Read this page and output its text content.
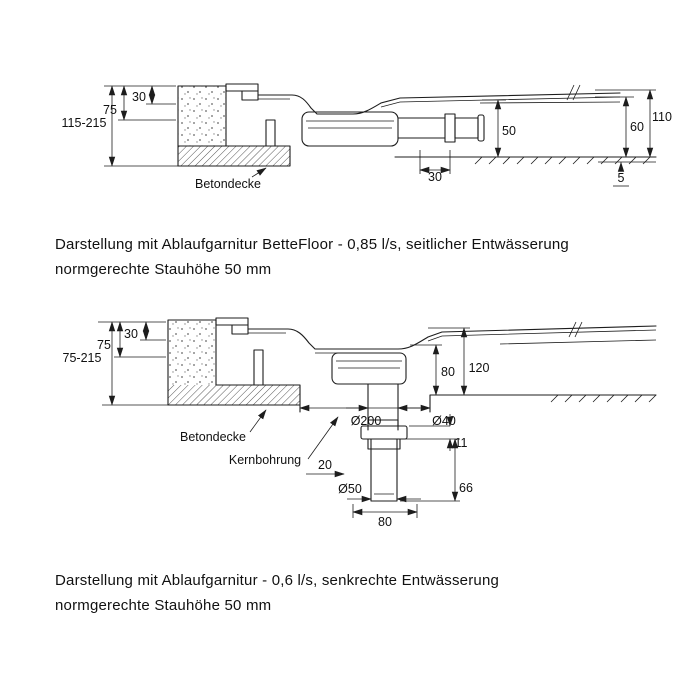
30
75
115-215
50
30
60
110
5
Betondecke
Darstellung mit Ablaufgarnitur BetteFloor - 0,85 l/s, seitlicher Entwässerung
normgerechte Stauhöhe 50 mm
30
75
75-215
80 120
Ø200	Ø40
11
20
Ø50	66
80
Betondecke
Kernbohrung
Darstellung mit Ablaufgarnitur - 0,6 l/s, senkrechte Entwässerung
normgerechte Stauhöhe 50 mm
